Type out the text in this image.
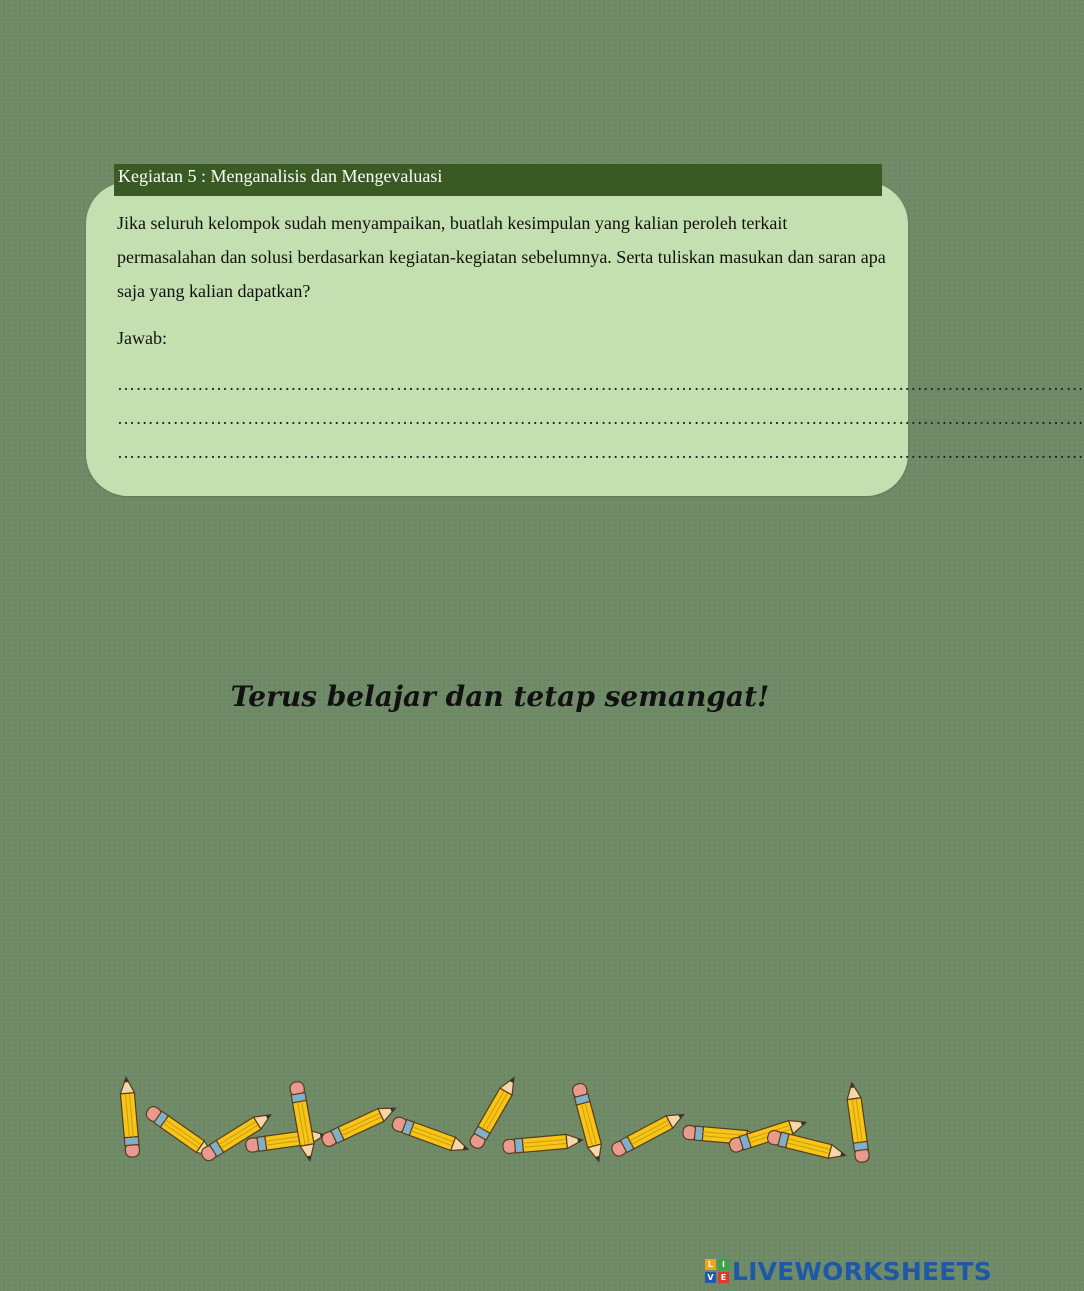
Kegiatan 5 : Menganalisis dan Mengevaluasi
Jika seluruh kelompok sudah menyampaikan, buatlah kesimpulan yang kalian peroleh terkait permasalahan dan solusi berdasarkan kegiatan-kegiatan sebelumnya. Serta tuliskan masukan dan saran apa saja yang kalian dapatkan?
Jawab:
…………………………………………………………………………………………………………………………………………
…………………………………………………………………………………………………………………………………………
…………………………………………………………………………………………………………………………………………
Terus belajar dan tetap semangat!
L	I
V E LIVEWORKSHEETS
